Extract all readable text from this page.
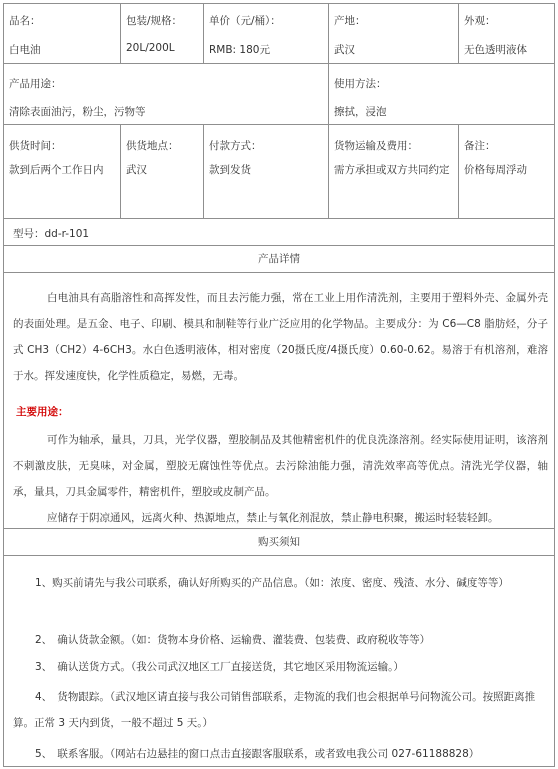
品名：
白电油
包装/规格：
20L/200L
单价（元/桶）：
RMB: 180元
产地：
武汉
外观：
无色透明液体
产品用途：
清除表面油污，粉尘，污物等
使用方法：
擦拭，浸泡
供货时间：
款到后两个工作日内
供货地点：
武汉
付款方式：
款到发货
货物运输及费用：
需方承担或双方共同约定
备注：
价格每周浮动
型号：dd-r-101
产品详情

白电油具有高脂溶性和高挥发性，而且去污能力强，常在工业上用作清洗剂，主要用于塑料外壳、金属外壳的表面处理。是五金、电子、印刷、模具和制鞋等行业广泛应用的化学物品。主要成分：为 C6—C8 脂肪烃，分子式 CH3（CH2）4-6CH3。水白色透明液体，相对密度（20摄氏度/4摄氏度）0.60-0.62。易溶于有机溶剂，难溶于水。挥发速度快，化学性质稳定，易燃，无毒。

主要用途：

可作为轴承，量具，刀具，光学仪器，塑胶制品及其他精密机件的优良洗涤溶剂。经实际使用证明，该溶剂不刺激皮肤，无臭味，对金属，塑胶无腐蚀性等优点。去污除油能力强，清洗效率高等优点。清洗光学仪器，轴承，量具，刀具金属零件，精密机件，塑胶或皮制产品。

应储存于阴凉通风，远离火种、热源地点，禁止与氧化剂混放，禁止静电积聚，搬运时轻装轻卸。

购买须知

1、购买前请先与我公司联系，确认好所购买的产品信息。（如：浓度、密度、残渣、水分、碱度等等）

2、　确认货款金额。（如：货物本身价格、运输费、灌装费、包装费、政府税收等等）

3、　确认送货方式。（我公司武汉地区工厂直接送货，其它地区采用物流运输。）

4、　货物跟踪。（武汉地区请直接与我公司销售部联系，走物流的我们也会根据单号问物流公司。按照距离推算。正常 3 天内到货，一般不超过 5 天。）

5、　联系客服。（网站右边悬挂的窗口点击直接跟客服联系，或者致电我公司 027-61188828）
